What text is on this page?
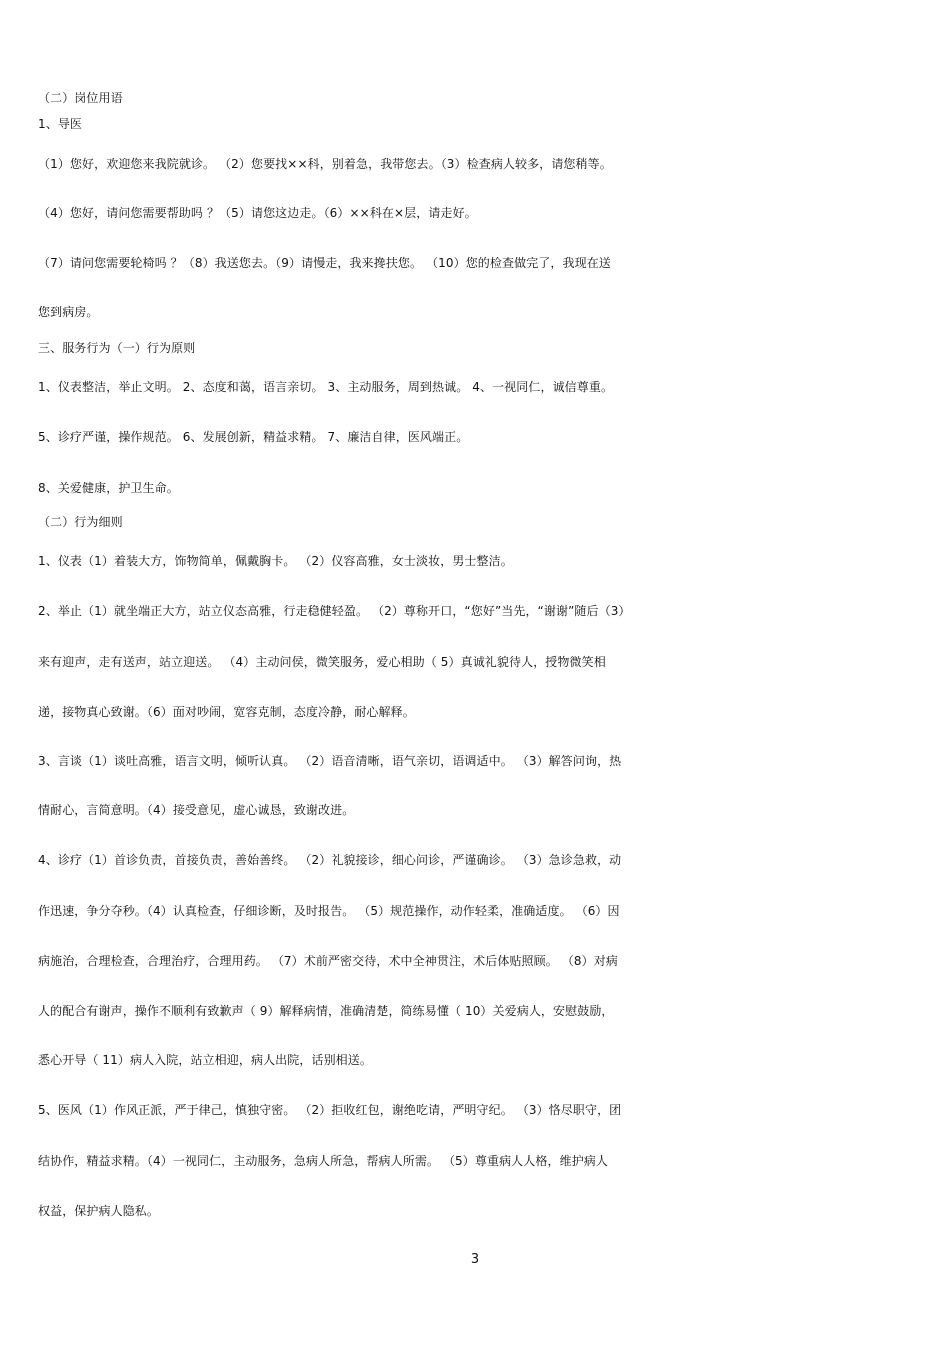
（二）岗位用语
1、导医
（1）您好，欢迎您来我院就诊。 （2）您要找××科，别着急，我带您去。（3）检查病人较多，请您稍等。
（4）您好，请问您需要帮助吗 ？（5）请您这边走。（6）××科在×层，请走好。
（7）请问您需要轮椅吗 ？（8）我送您去。（9）请慢走，我来搀扶您。 （10）您的检查做完了，我现在送
您到病房。
三、服务行为（一）行为原则
1、仪表整洁，举止文明。 2、态度和蔼，语言亲切。 3、主动服务，周到热诚。 4、一视同仁，诚信尊重。
5、诊疗严谨，操作规范。 6、发展创新，精益求精。 7、廉洁自律，医风端正。
8、关爱健康，护卫生命。
（二）行为细则
1、仪表（1）着装大方，饰物简单，佩戴胸卡。 （2）仪容高雅，女士淡妆，男士整洁。
2、举止（1）就坐端正大方，站立仪态高雅，行走稳健轻盈。 （2）尊称开口，“您好”当先，“谢谢”随后（3）
来有迎声，走有送声，站立迎送。 （4）主动问侯，微笑服务，爱心相助（ 5）真诚礼貌待人，授物微笑相
递，接物真心致谢。（6）面对吵闹，宽容克制，态度冷静，耐心解释。
3、言谈（1）谈吐高雅，语言文明，倾听认真。 （2）语音清晰，语气亲切，语调适中。 （3）解答问询，热
情耐心，言简意明。（4）接受意见，虚心诚恳，致谢改进。
4、诊疗（1）首诊负责，首接负责，善始善终。 （2）礼貌接诊，细心问诊，严谨确诊。 （3）急诊急救，动
作迅速，争分夺秒。（4）认真检查，仔细诊断，及时报告。 （5）规范操作，动作轻柔，准确适度。 （6）因
病施治，合理检查，合理治疗，合理用药。 （7）术前严密交待，术中全神贯注，术后体贴照顾。 （8）对病
人的配合有谢声，操作不顺利有致歉声（ 9）解释病情，准确清楚，简练易懂（ 10）关爱病人，安慰鼓励，
悉心开导（ 11）病人入院，站立相迎，病人出院，话别相送。
5、医风（1）作风正派，严于律己，慎独守密。 （2）拒收红包，谢绝吃请，严明守纪。 （3）恪尽职守，团
结协作，精益求精。（4）一视同仁，主动服务，急病人所急，帮病人所需。 （5）尊重病人人格，维护病人
权益，保护病人隐私。
3
